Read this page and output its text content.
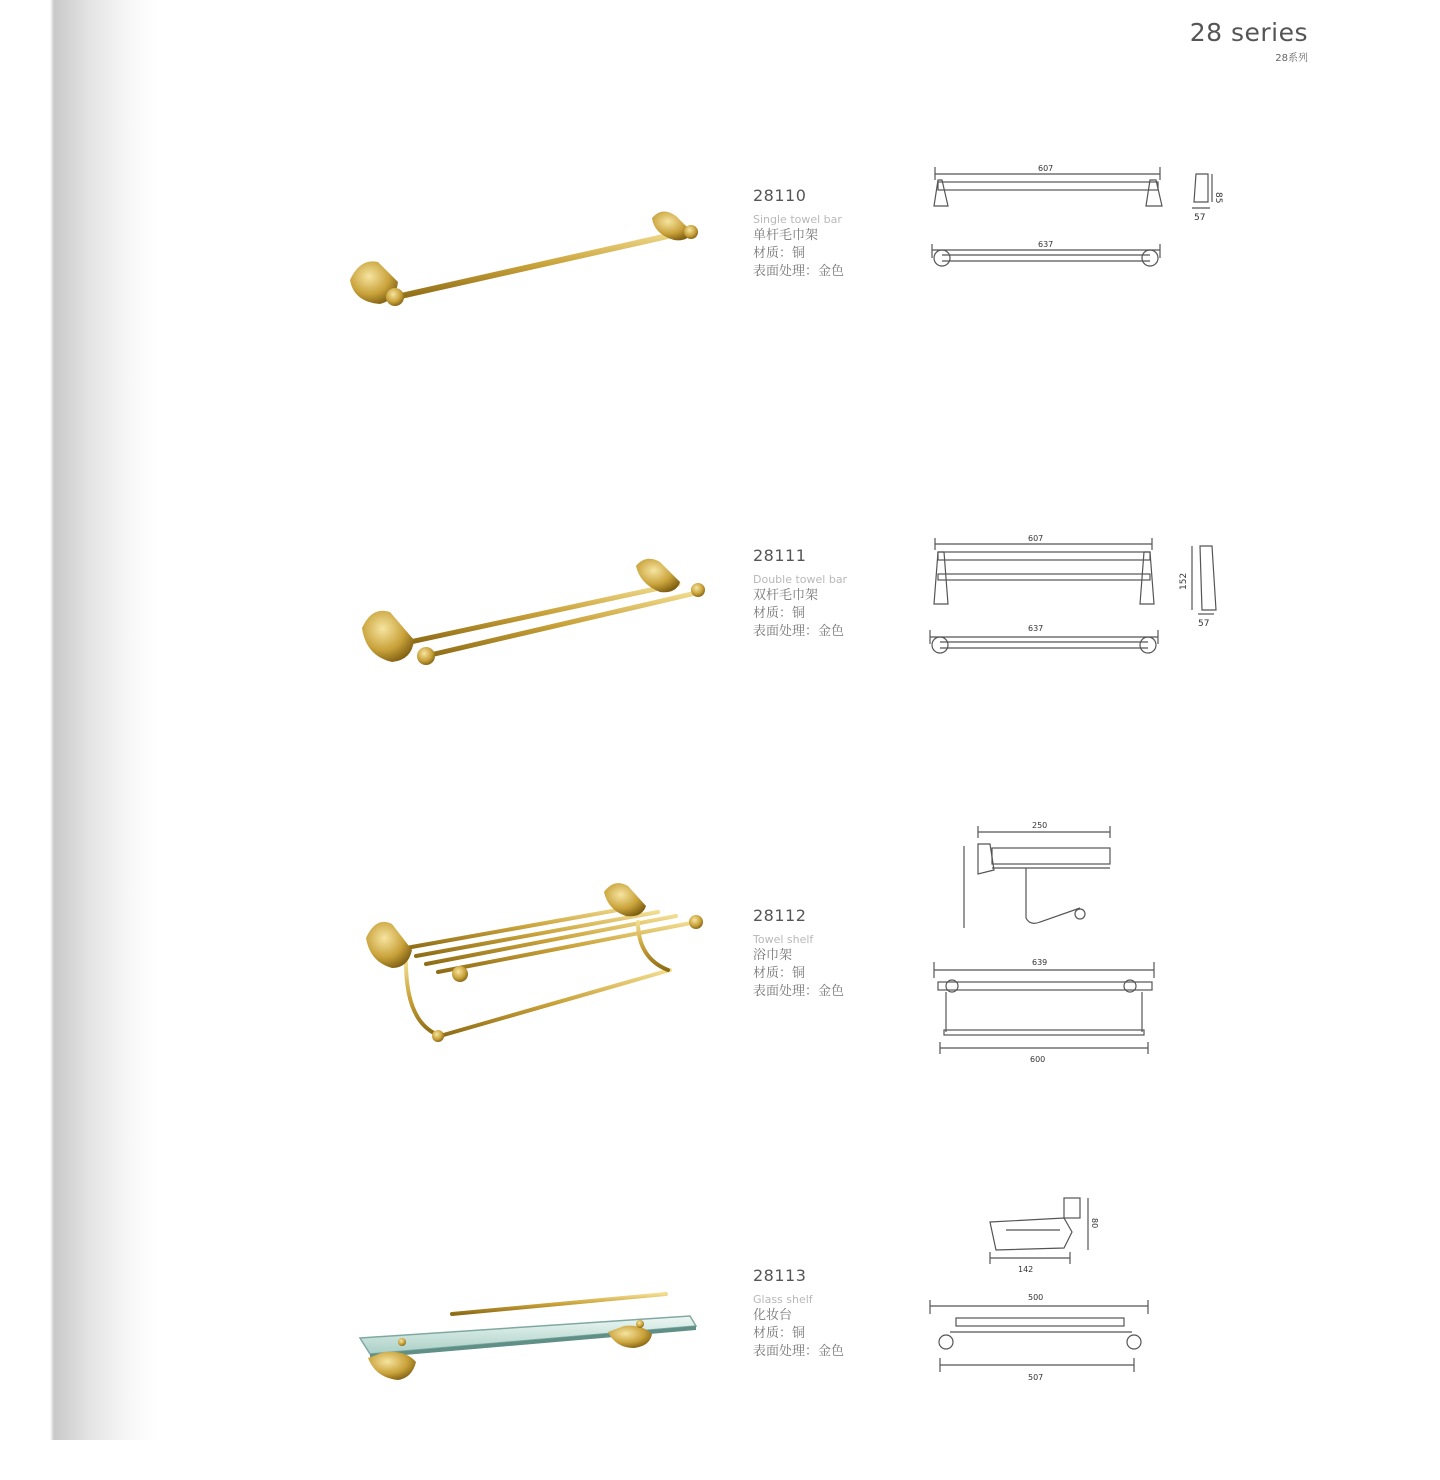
28 series
28系列
28110
Single towel bar
单杆毛巾架
材质：铜
表面处理：金色
607
637
85
57
28111
Double towel bar
双杆毛巾架
材质：铜
表面处理：金色
607
637
152
57
28112
Towel shelf
浴巾架
材质：铜
表面处理：金色
250
639
600
28113
Glass shelf
化妆台
材质：铜
表面处理：金色
80
142
500
507
